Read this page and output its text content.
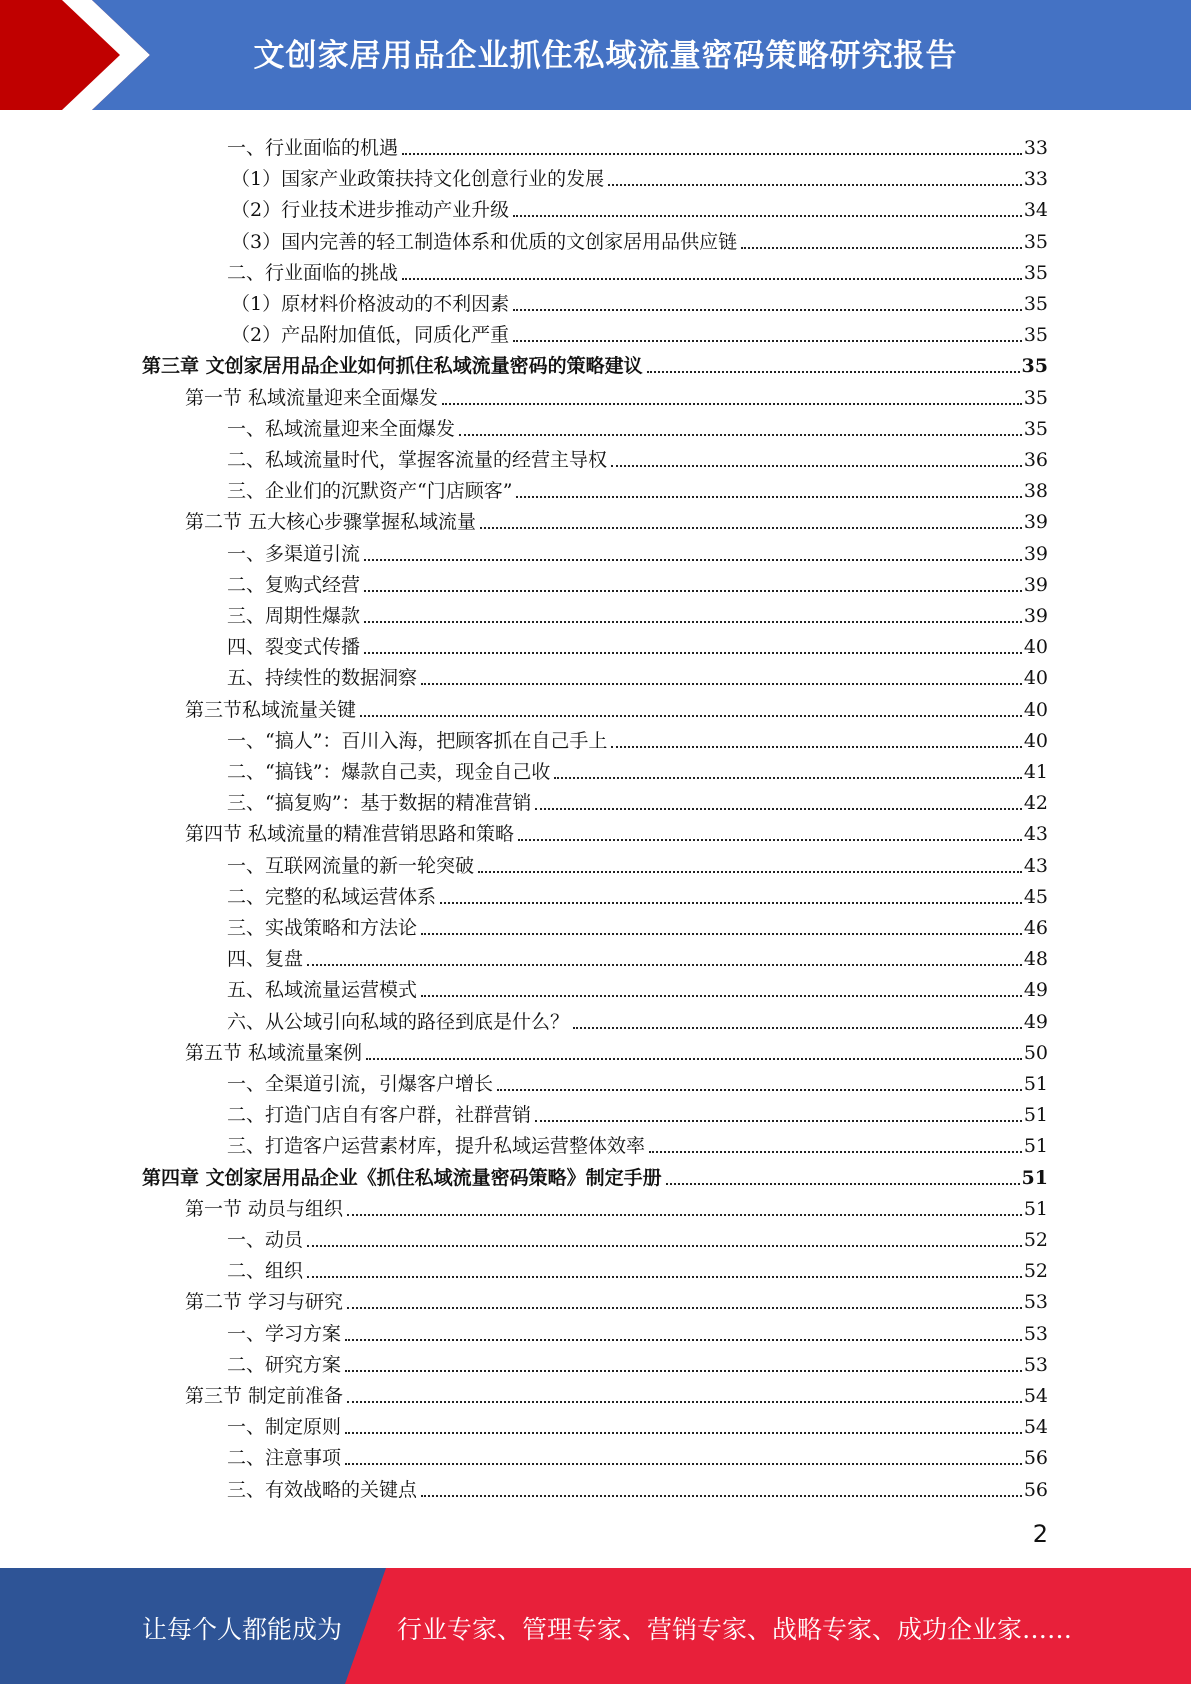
文创家居用品企业抓住私域流量密码策略研究报告
一、行业面临的机遇	33
（1）国家产业政策扶持文化创意行业的发展	33
（2）行业技术进步推动产业升级	34
（3）国内完善的轻工制造体系和优质的文创家居用品供应链	35
二、行业面临的挑战	35
（1）原材料价格波动的不利因素	35
（2）产品附加值低，同质化严重	35
第三章 文创家居用品企业如何抓住私域流量密码的策略建议	35
第一节 私域流量迎来全面爆发	35
一、私域流量迎来全面爆发	35
二、私域流量时代，掌握客流量的经营主导权	36
三、企业们的沉默资产“门店顾客”	38
第二节 五大核心步骤掌握私域流量	39
一、多渠道引流	39
二、复购式经营	39
三、周期性爆款	39
四、裂变式传播	40
五、持续性的数据洞察	40
第三节私域流量关键	40
一、“搞人”：百川入海，把顾客抓在自己手上	40
二、“搞钱”：爆款自己卖，现金自己收	41
三、“搞复购”：基于数据的精准营销	42
第四节 私域流量的精准营销思路和策略	43
一、互联网流量的新一轮突破	43
二、完整的私域运营体系	45
三、实战策略和方法论	46
四、复盘	48
五、私域流量运营模式	49
六、从公域引向私域的路径到底是什么？	49
第五节 私域流量案例	50
一、全渠道引流，引爆客户增长	51
二、打造门店自有客户群，社群营销	51
三、打造客户运营素材库，提升私域运营整体效率	51
第四章 文创家居用品企业《抓住私域流量密码策略》制定手册	51
第一节 动员与组织	51
一、动员	52
二、组织	52
第二节 学习与研究	53
一、学习方案	53
二、研究方案	53
第三节 制定前准备	54
一、制定原则	54
二、注意事项	56
三、有效战略的关键点	56
2
让每个人都能成为 行业专家、管理专家、营销专家、战略专家、成功企业家……
